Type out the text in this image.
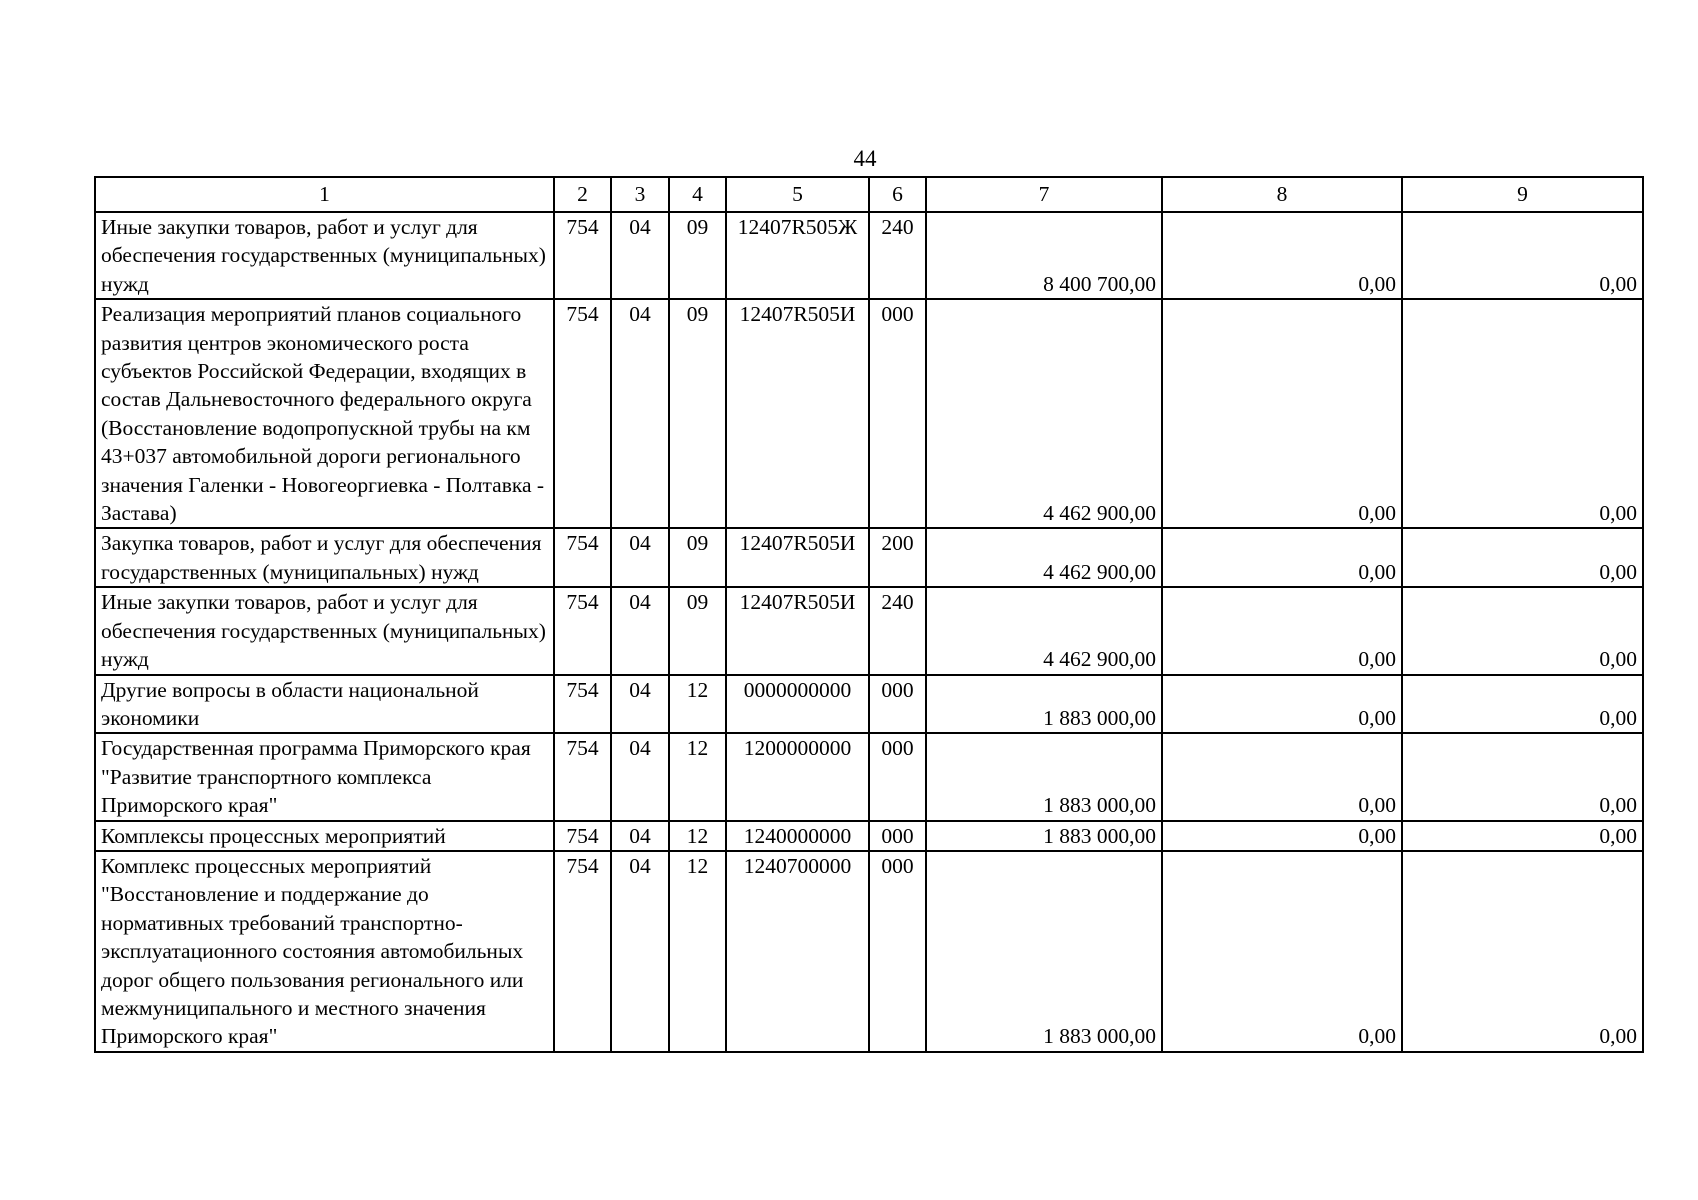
44
1	2	3	4	5	6	7	8	9
Иные закупки товаров, работ и услуг для обеспечения государственных (муниципальных) нужд	754	04	09	12407R505Ж	240	8 400 700,00	0,00	0,00
Реализация мероприятий планов социального развития центров экономического роста субъектов Российской Федерации, входящих в состав Дальневосточного федерального округа (Восстановление водопропускной трубы на км 43+037 автомобильной дороги регионального значения Галенки - Новогеоргиевка - Полтавка - Застава)	754	04	09	12407R505И	000	4 462 900,00	0,00	0,00
Закупка товаров, работ и услуг для обеспечения государственных (муниципальных) нужд	754	04	09	12407R505И	200	4 462 900,00	0,00	0,00
Иные закупки товаров, работ и услуг для обеспечения государственных (муниципальных) нужд	754	04	09	12407R505И	240	4 462 900,00	0,00	0,00
Другие вопросы в области национальной экономики	754	04	12	0000000000	000	1 883 000,00	0,00	0,00
Государственная программа Приморского края "Развитие транспортного комплекса Приморского края"	754	04	12	1200000000	000	1 883 000,00	0,00	0,00
Комплексы процессных мероприятий	754	04	12	1240000000	000	1 883 000,00	0,00	0,00
Комплекс процессных мероприятий "Восстановление и поддержание до нормативных требований транспортно-эксплуатационного состояния автомобильных дорог общего пользования регионального или межмуниципального и местного значения Приморского края"	754	04	12	1240700000	000	1 883 000,00	0,00	0,00
